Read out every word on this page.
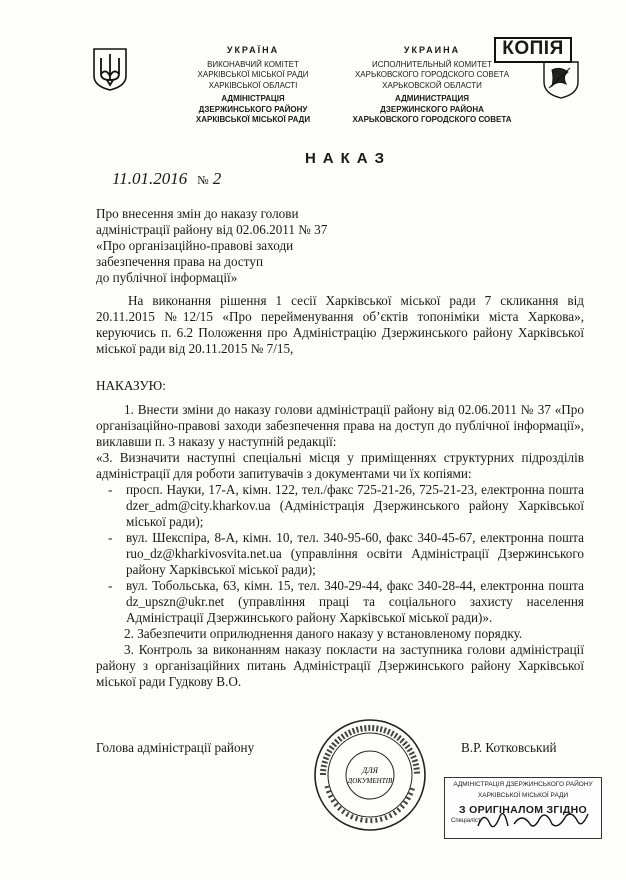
УКРАЇНА
ВИКОНАВЧИЙ КОМІТЕТ
ХАРКІВСЬКОЇ МІСЬКОЇ РАДИ
ХАРКІВСЬКОЇ ОБЛАСТІ
АДМІНІСТРАЦІЯ
ДЗЕРЖИНСЬКОГО РАЙОНУ
ХАРКІВСЬКОЇ МІСЬКОЇ РАДИ
УКРАИНА
ИСПОЛНИТЕЛЬНЫЙ КОМИТЕТ
ХАРЬКОВСКОГО ГОРОДСКОГО СОВЕТА
ХАРЬКОВСКОЙ ОБЛАСТИ
АДМИНИСТРАЦИЯ
ДЗЕРЖИНСКОГО РАЙОНА
ХАРЬКОВСКОГО ГОРОДСКОГО СОВЕТА
КОПІЯ
НАКАЗ
11.01.2016 № 2
Про внесення змін до наказу голови
адміністрації району від 02.06.2011 № 37
«Про організаційно-правові заходи
забезпечення права на доступ
до публічної інформації»

На виконання рішення 1 сесії Харківської міської ради 7 скликання від 20.11.2015 №12/15 «Про перейменування об’єктів топоніміки міста Харкова», керуючись п. 6.2 Положення про Адміністрацію Дзержинського району Харківської міської ради від 20.11.2015 № 7/15,

НАКАЗУЮ:

1. Внести зміни до наказу голови адміністрації району від 02.06.2011 № 37 «Про організаційно-правові заходи забезпечення права на доступ до публічної інформації», виклавши п. 3 наказу у наступній редакції:

«3. Визначити наступні спеціальні місця у приміщеннях структурних підрозділів адміністрації для роботи запитувачів з документами чи їх копіями:

- просп. Науки, 17-А, кімн. 122, тел./факс 725-21-26, 725-21-23, електронна пошта dzer_adm@city.kharkov.ua (Адміністрація Дзержинського району Харківської міської ради);

- вул. Шекспіра, 8-А, кімн. 10, тел. 340-95-60, факс 340-45-67, електронна пошта ruo_dz@kharkivosvita.net.ua (управління освіти Адміністрації Дзержинського району Харківської міської ради);

- вул. Тобольська, 63, кімн. 15, тел. 340-29-44, факс 340-28-44, електронна пошта dz_upszn@ukr.net (управління праці та соціального захисту населення Адміністрації Дзержинського району Харківської міської ради)».

2. Забезпечити оприлюднення даного наказу у встановленому порядку.

3. Контроль за виконанням наказу покласти на заступника голови адміністрації району з організаційних питань Адміністрації Дзержинського району Харківської міської ради Гудкову В.О.

Голова адміністрації району	В.Р. Котковський
ДЛЯ
ДОКУМЕНТІВ	АДМІНІСТРАЦІЯ ДЗЕРЖИНСЬКОГО РАЙОНУ
ХАРКІВСЬКОЇ МІСЬКОЇ РАДИ
З ОРИГІНАЛОМ ЗГІДНО
Спеціаліст
